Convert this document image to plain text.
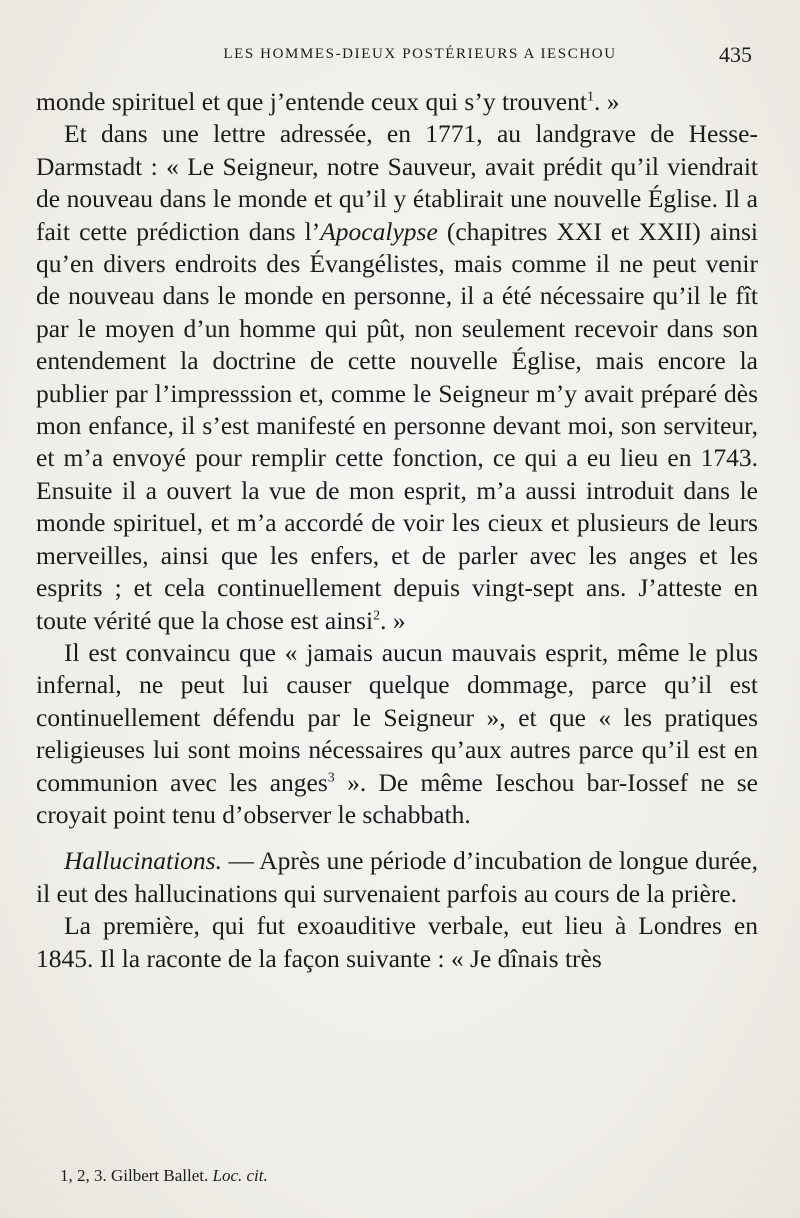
LES HOMMES-DIEUX POSTÉRIEURS A IESCHOU	435

monde spirituel et que j’entende ceux qui s’y trouvent$^1$. »

Et dans une lettre adressée, en 1771, au landgrave de Hesse-Darmstadt : « Le Seigneur, notre Sauveur, avait prédit qu’il viendrait de nouveau dans le monde et qu’il y établirait une nouvelle Église. Il a fait cette prédiction dans l’Apocalypse (chapitres XXI et XXII) ainsi qu’en divers endroits des Évangélistes, mais comme il ne peut venir de nouveau dans le monde en personne, il a été nécessaire qu’il le fît par le moyen d’un homme qui pût, non seulement recevoir dans son entendement la doctrine de cette nouvelle Église, mais encore la publier par l’impresssion et, comme le Seigneur m’y avait préparé dès mon enfance, il s’est manifesté en personne devant moi, son serviteur, et m’a envoyé pour remplir cette fonction, ce qui a eu lieu en 1743. Ensuite il a ouvert la vue de mon esprit, m’a aussi introduit dans le monde spirituel, et m’a accordé de voir les cieux et plusieurs de leurs merveilles, ainsi que les enfers, et de parler avec les anges et les esprits ; et cela continuellement depuis vingt-sept ans. J’atteste en toute vérité que la chose est ainsi$^2$. »

Il est convaincu que « jamais aucun mauvais esprit, même le plus infernal, ne peut lui causer quelque dommage, parce qu’il est continuellement défendu par le Seigneur », et que « les pratiques religieuses lui sont moins nécessaires qu’aux autres parce qu’il est en communion avec les anges$^3$ ». De même Ieschou bar-Iossef ne se croyait point tenu d’observer le schabbath.

Hallucinations. — Après une période d’incubation de longue durée, il eut des hallucinations qui survenaient parfois au cours de la prière.

La première, qui fut exoauditive verbale, eut lieu à Londres en 1845. Il la raconte de la façon suivante : « Je dînais très

1, 2, 3. Gilbert Ballet. Loc. cit.
